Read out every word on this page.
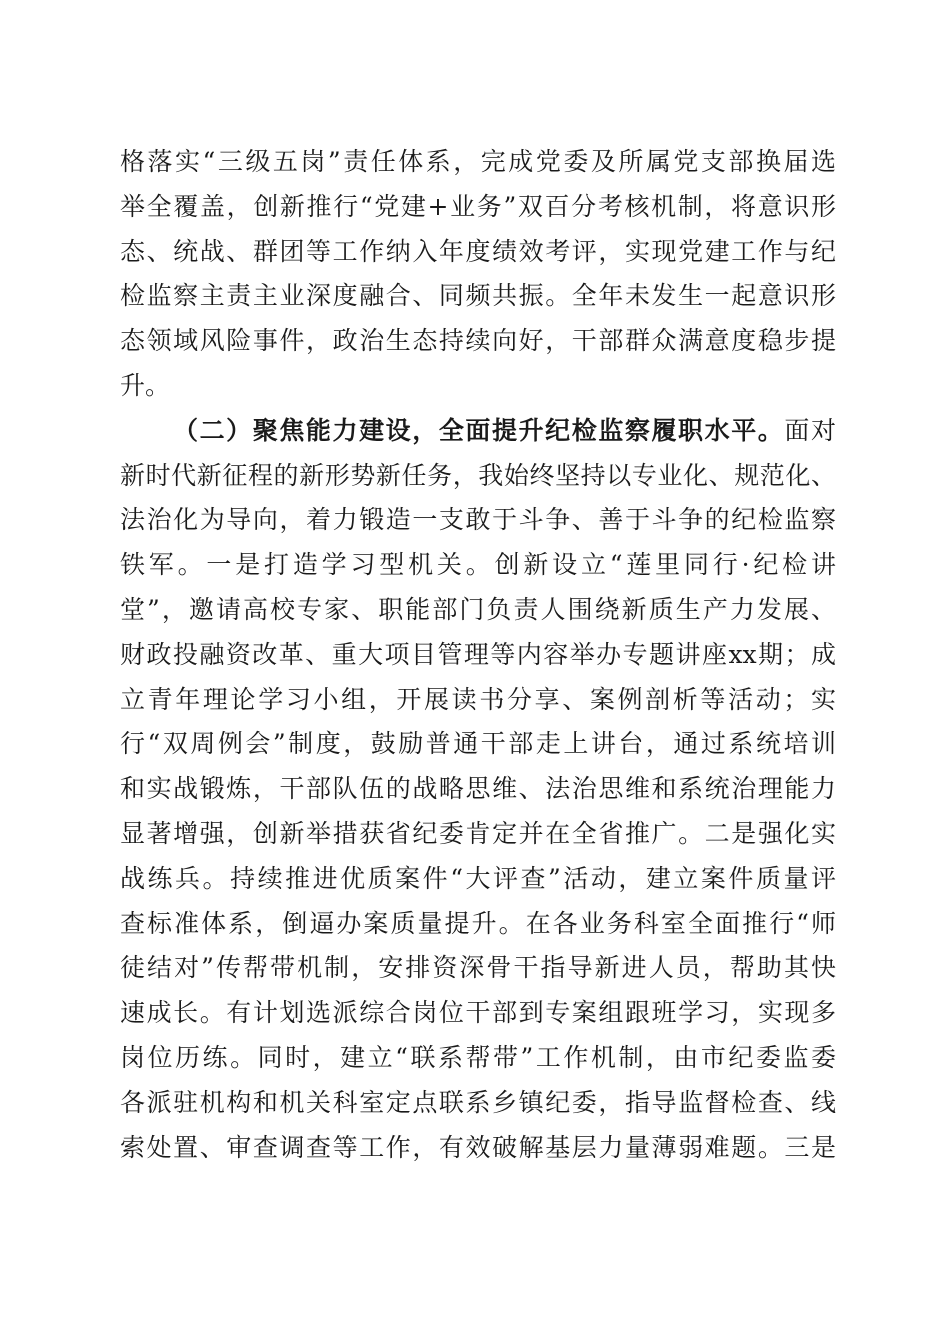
格落实“三级五岗”责任体系，完成党委及所属党支部换届选
举全覆盖，创新推行“党建+业务”双百分考核机制，将意识形
态、统战、群团等工作纳入年度绩效考评，实现党建工作与纪
检监察主责主业深度融合、同频共振。全年未发生一起意识形
态领域风险事件，政治生态持续向好，干部群众满意度稳步提
升。
（二）聚焦能力建设，全面提升纪检监察履职水平。面对
新时代新征程的新形势新任务，我始终坚持以专业化、规范化、
法治化为导向，着力锻造一支敢于斗争、善于斗争的纪检监察
铁军。一是打造学习型机关。创新设立“莲里同行·纪检讲
堂”，邀请高校专家、职能部门负责人围绕新质生产力发展、
财政投融资改革、重大项目管理等内容举办专题讲座xx期；成
立青年理论学习小组，开展读书分享、案例剖析等活动；实
行“双周例会”制度，鼓励普通干部走上讲台，通过系统培训
和实战锻炼，干部队伍的战略思维、法治思维和系统治理能力
显著增强，创新举措获省纪委肯定并在全省推广。二是强化实
战练兵。持续推进优质案件“大评查”活动，建立案件质量评
查标准体系，倒逼办案质量提升。在各业务科室全面推行“师
徒结对”传帮带机制，安排资深骨干指导新进人员，帮助其快
速成长。有计划选派综合岗位干部到专案组跟班学习，实现多
岗位历练。同时，建立“联系帮带”工作机制，由市纪委监委
各派驻机构和机关科室定点联系乡镇纪委，指导监督检查、线
索处置、审查调查等工作，有效破解基层力量薄弱难题。三是
